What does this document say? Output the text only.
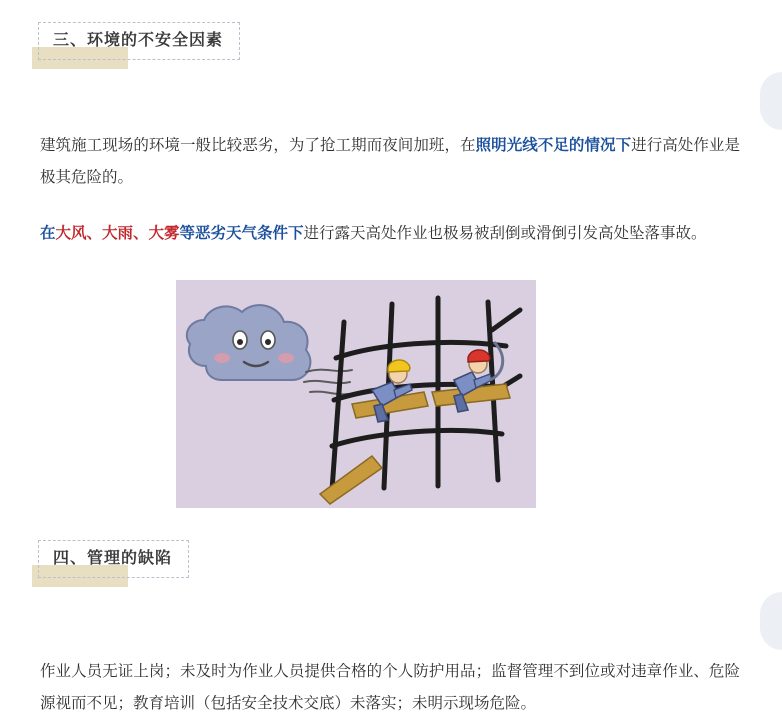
三、环境的不安全因素

建筑施工现场的环境一般比较恶劣，为了抢工期而夜间加班，在照明光线不足的情况下进行高处作业是极其危险的。

在大风、大雨、大雾等恶劣天气条件下进行露天高处作业也极易被刮倒或滑倒引发高处坠落事故。

四、管理的缺陷

作业人员无证上岗；未及时为作业人员提供合格的个人防护用品；监督管理不到位或对违章作业、危险源视而不见；教育培训（包括安全技术交底）未落实；未明示现场危险。
